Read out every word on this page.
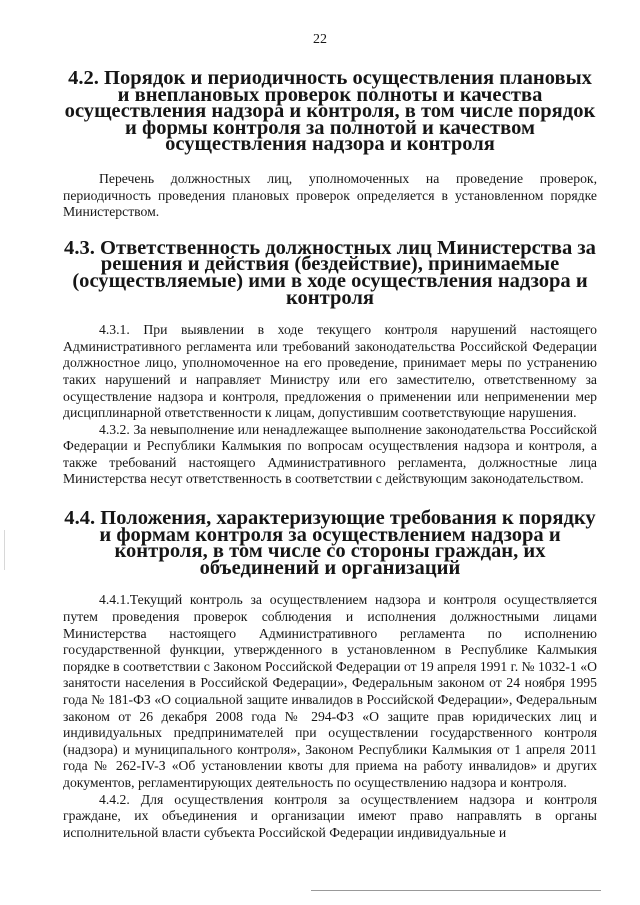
22
4.2. Порядок и периодичность осуществления плановых и внеплановых проверок полноты и качества осуществления надзора и контроля, в том числе порядок и формы контроля за полнотой и качеством осуществления надзора и контроля

Перечень должностных лиц, уполномоченных на проведение проверок, периодичность проведения плановых проверок определяется в установленном порядке Министерством.

4.3. Ответственность должностных лиц Министерства за решения и действия (бездействие), принимаемые (осуществляемые) ими в ходе осуществления надзора и контроля

4.3.1. При выявлении в ходе текущего контроля нарушений настоящего Административного регламента или требований законодательства Российской Федерации должностное лицо, уполномоченное на его проведение, принимает меры по устранению таких нарушений и направляет Министру или его заместителю, ответственному за осуществление надзора и контроля, предложения о применении или неприменении мер дисциплинарной ответственности к лицам, допустившим соответствующие нарушения.

4.3.2. За невыполнение или ненадлежащее выполнение законодательства Российской Федерации и Республики Калмыкия по вопросам осуществления надзора и контроля, а также требований настоящего Административного регламента, должностные лица Министерства несут ответственность в соответствии с действующим законодательством.

4.4. Положения, характеризующие требования к порядку и формам контроля за осуществлением надзора и контроля, в том числе со стороны граждан, их объединений и организаций

4.4.1.Текущий контроль за осуществлением надзора и контроля осуществляется путем проведения проверок соблюдения и исполнения должностными лицами Министерства настоящего Административного регламента по исполнению государственной функции, утвержденного в установленном в Республике Калмыкия порядке в соответствии с Законом Российской Федерации от 19 апреля 1991 г. № 1032-1 «О занятости населения в Российской Федерации», Федеральным законом от 24 ноября 1995 года № 181-ФЗ «О социальной защите инвалидов в Российской Федерации», Федеральным законом от 26 декабря 2008 года № 294-ФЗ «О защите прав юридических лиц и индивидуальных предпринимателей при осуществлении государственного контроля (надзора) и муниципального контроля», Законом Республики Калмыкия от 1 апреля 2011 года № 262-IV-З «Об установлении квоты для приема на работу инвалидов» и других документов, регламентирующих деятельность по осуществлению надзора и контроля.

4.4.2. Для осуществления контроля за осуществлением надзора и контроля граждане, их объединения и организации имеют право направлять в органы исполнительной власти субъекта Российской Федерации индивидуальные и
